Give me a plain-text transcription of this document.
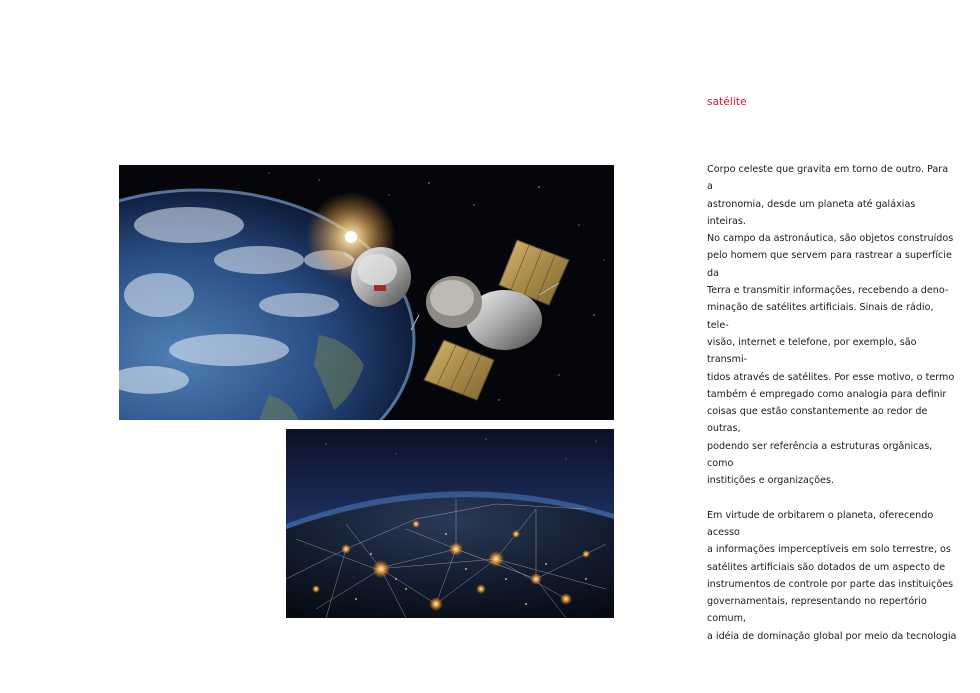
satélite

Corpo celeste que gravita em torno de outro. Para a
astronomia, desde um planeta até galáxias inteiras.
No campo da astronáutica, são objetos construídos
pelo homem que servem para rastrear a superfície da
Terra e transmitir informações, recebendo a deno-
minação de satélites artificiais. Sinais de rádio, tele-
visão, internet e telefone, por exemplo, são transmi-
tidos através de satélites. Por esse motivo, o termo
também é empregado como analogia para definir
coisas que estão constantemente ao redor de outras,
podendo ser referência a estruturas orgânicas, como
institições e organizações.

Em virtude de orbitarem o planeta, oferecendo acesso
a informações imperceptíveis em solo terrestre, os
satélites artificiais são dotados de um aspecto de
instrumentos de controle por parte das instituições
governamentais, representando no repertório comum,
a idéia de dominação global por meio da tecnologia
